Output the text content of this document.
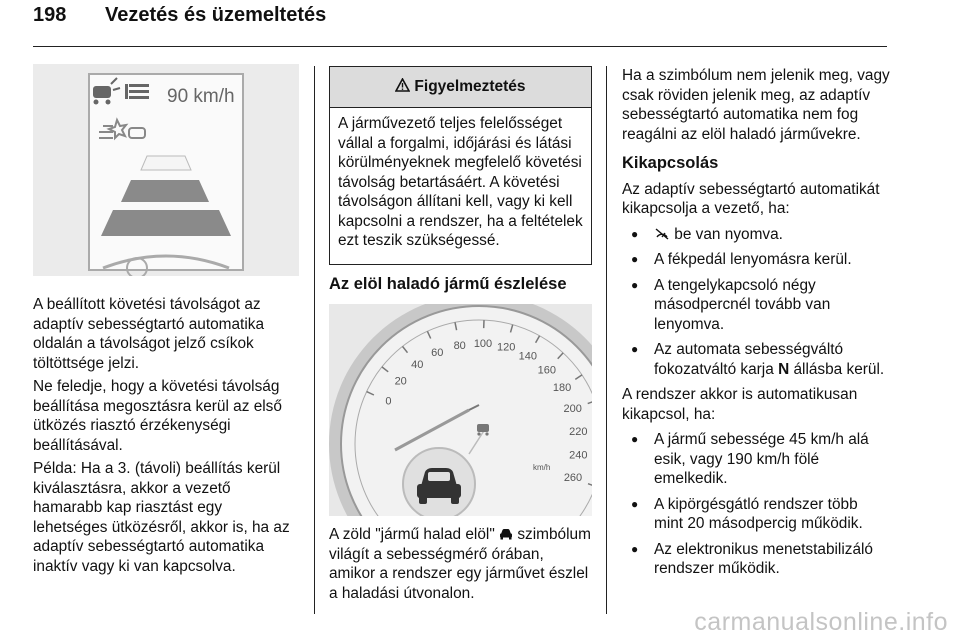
198 Vezetés és üzemeltetés
90 km/h

A beállított követési távolságot az adaptív sebességtartó automatika oldalán a távolságot jelző csíkok töltöttsége jelzi.

Ne feledje, hogy a követési távolság beállítása megosztásra kerül az első ütközés riasztó érzékenységi beállításával.

Példa: Ha a 3. (távoli) beállítás kerül kiválasztásra, akkor a vezető hamarabb kap riasztást egy lehetséges ütközésről, akkor is, ha az adaptív sebességtartó automatika inaktív vagy ki van kapcsolva.

Figyelmeztetés
A járművezető teljes felelősséget vállal a forgalmi, időjárási és látási körülményeknek megfelelő követési távolság betartásáért. A követési távolságon állítani kell, vagy ki kell kapcsolni a rendszer, ha a feltételek ezt teszik szükségessé.
Az elöl haladó jármű észlelése
0
20
40
60
80 100 120
140
160
180
200
220
240
260
km/h

A zöld "jármű halad elöl" szimbólum világít a sebességmérő órában, amikor a rendszer egy járművet észlel a haladási útvonalon.

Ha a szimbólum nem jelenik meg, vagy csak röviden jelenik meg, az adaptív sebességtartó automatika nem fog reagálni az elöl haladó járművekre.

Kikapcsolás

Az adaptív sebességtartó automatikát kikapcsolja a vezető, ha:

● be van nyomva.
● A fékpedál lenyomásra kerül.
● A tengelykapcsoló négy másodpercnél tovább van lenyomva.
● Az automata sebességváltó fokozatváltó karja N állásba kerül.

A rendszer akkor is automatikusan kikapcsol, ha:

● A jármű sebessége 45 km/h alá esik, vagy 190 km/h fölé emelkedik.
● A kipörgésgátló rendszer több mint 20 másodpercig működik.
● Az elektronikus menetstabilizáló rendszer működik.
carmanualsonline.info
